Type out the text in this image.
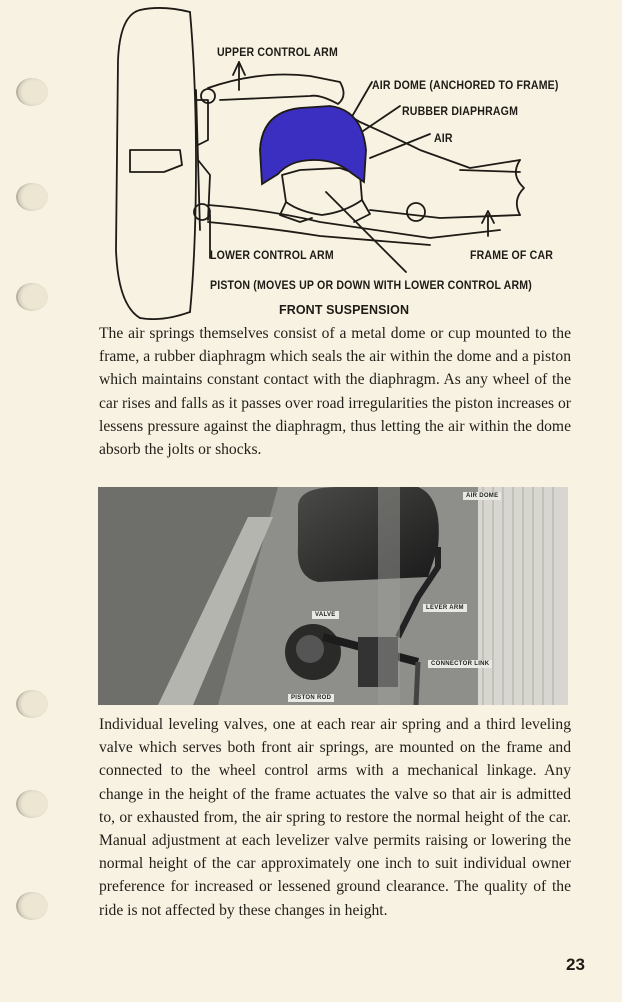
UPPER CONTROL ARM
AIR DOME (ANCHORED TO FRAME)
RUBBER DIAPHRAGM
AIR
LOWER CONTROL ARM	FRAME OF CAR
PISTON (MOVES UP OR DOWN WITH LOWER CONTROL ARM)
FRONT SUSPENSION

The air springs themselves consist of a metal dome or cup mounted to the frame, a rubber diaphragm which seals the air within the dome and a piston which maintains constant contact with the diaphragm. As any wheel of the car rises and falls as it passes over road irregularities the piston increases or lessens pressure against the diaphragm, thus letting the air within the dome absorb the jolts or shocks.

AIR DOME
VALVE
LEVER ARM
CONNECTOR LINK
PISTON ROD

Individual leveling valves, one at each rear air spring and a third leveling valve which serves both front air springs, are mounted on the frame and connected to the wheel control arms with a mechanical linkage. Any change in the height of the frame actuates the valve so that air is admitted to, or exhausted from, the air spring to restore the normal height of the car. Manual adjustment at each levelizer valve permits raising or lowering the normal height of the car approximately one inch to suit individual owner preference for increased or lessened ground clearance. The quality of the ride is not affected by these changes in height.

23
